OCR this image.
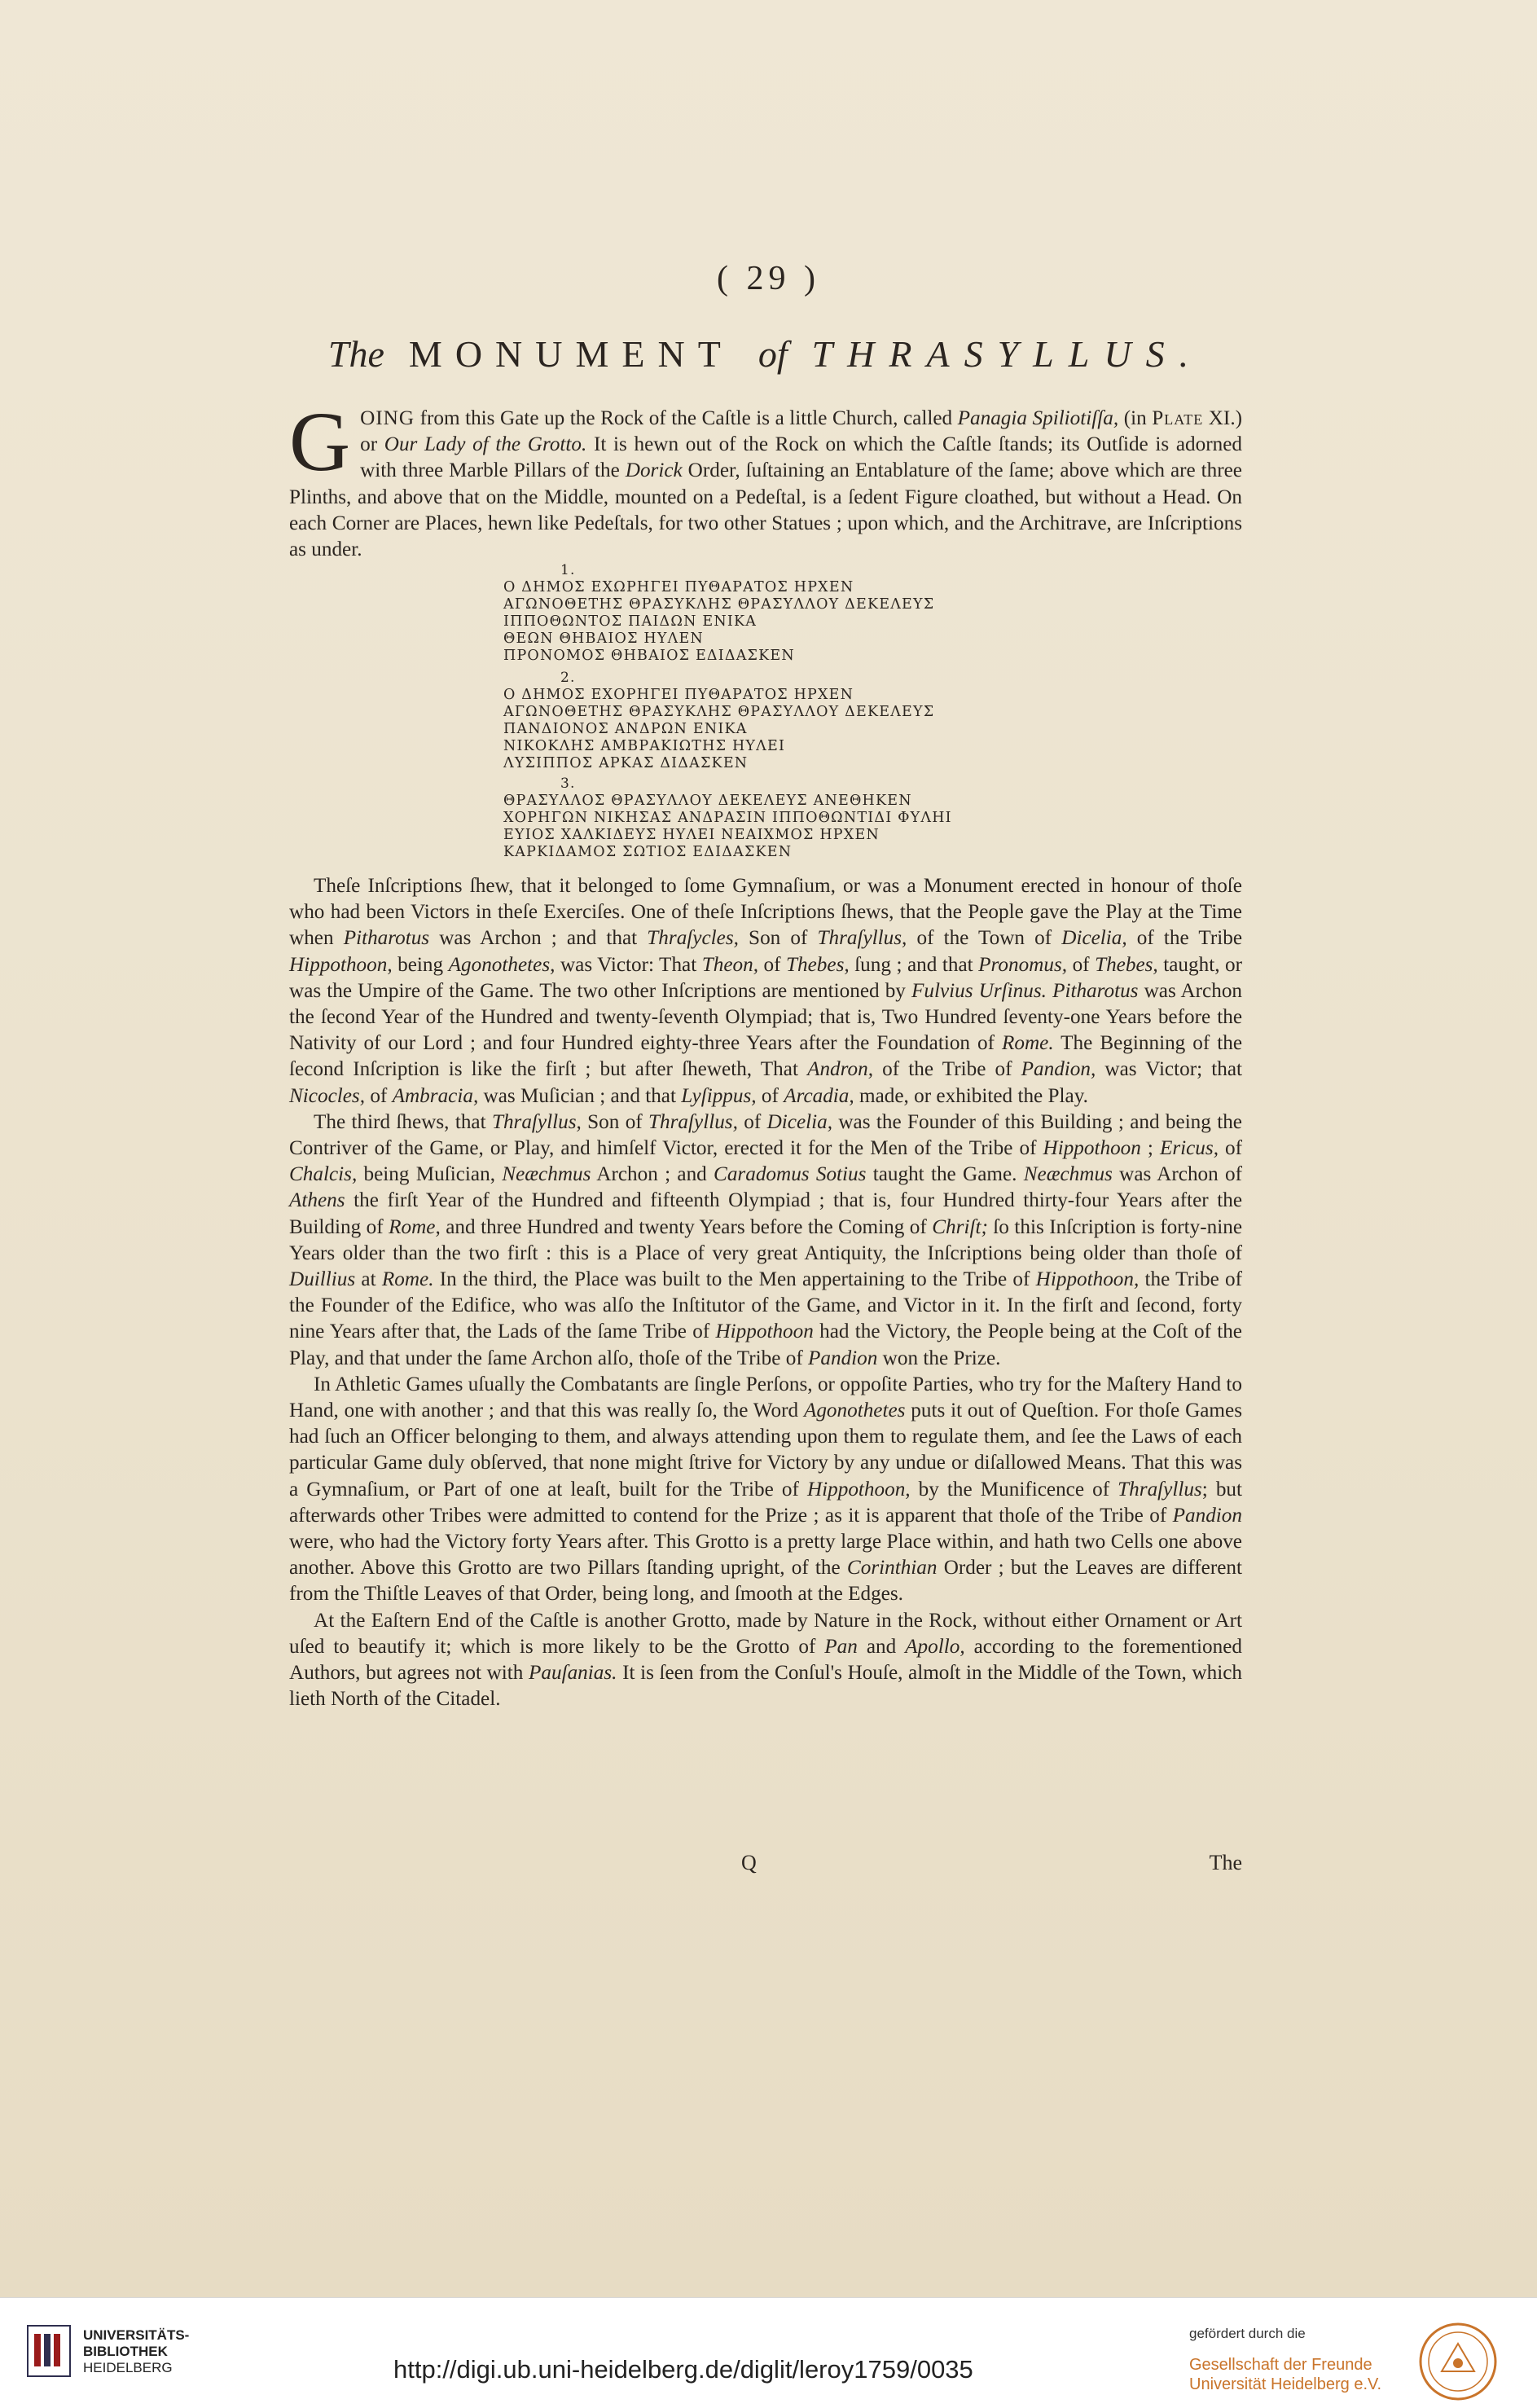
( 29 )
The MONUMENT of THRASYLLUS.
GOING from this Gate up the Rock of the Caſtle is a little Church, called Panagia Spiliotiſſa, (in Plate XI.) or Our Lady of the Grotto. It is hewn out of the Rock on which the Caſtle ſtands; its Outſide is adorned with three Marble Pillars of the Dorick Order, ſuſtaining an Entablature of the ſame; above which are three Plinths, and above that on the Middle, mounted on a Pedeſtal, is a ſedent Figure cloathed, but without a Head. On each Corner are Places, hewn like Pedeſtals, for two other Statues ; upon which, and the Architrave, are Inſcriptions as under.
1.
Ο ΔΗΜΟΣ ΕΧΩΡΗΓΕΙ ΠΥΘΑΡΑΤΟΣ ΗΡΧΕΝ
ΑΓΩΝΟΘΕΤΗΣ ΘΡΑΣΥΚΛΗΣ ΘΡΑΣΥΛΛΟΥ ΔΕΚΕΛΕΥΣ
ΙΠΠΟΘΩΝΤΟΣ ΠΑΙΔΩΝ ΕΝΙΚΑ
ΘΕΩΝ ΘΗΒΑΙΟΣ ΗΥΛΕΝ
ΠΡΟΝΟΜΟΣ ΘΗΒΑΙΟΣ ΕΔΙΔΑΣΚΕΝ
2.
Ο ΔΗΜΟΣ ΕΧΟΡΗΓΕΙ ΠΥΘΑΡΑΤΟΣ ΗΡΧΕΝ
ΑΓΩΝΟΘΕΤΗΣ ΘΡΑΣΥΚΛΗΣ ΘΡΑΣΥΛΛΟΥ ΔΕΚΕΛΕΥΣ
ΠΑΝΔΙΟΝΟΣ ΑΝΔΡΩΝ ΕΝΙΚΑ
ΝΙΚΟΚΛΗΣ ΑΜΒΡΑΚΙΩΤΗΣ ΗΥΛΕΙ
ΛΥΣΙΠΠΟΣ ΑΡΚΑΣ ΔΙΔΑΣΚΕΝ
3.
ΘΡΑΣΥΛΛΟΣ ΘΡΑΣΥΛΛΟΥ ΔΕΚΕΛΕΥΣ ΑΝΕΘΗΚΕΝ
ΧΟΡΗΓΩΝ ΝΙΚΗΣΑΣ ΑΝΔΡΑΣΙΝ ΙΠΠΟΘΩΝΤΙΔΙ ΦΥΛΗΙ
ΕΥΙΟΣ ΧΑΛΚΙΔΕΥΣ ΗΥΛΕΙ ΝΕΑΙΧΜΟΣ ΗΡΧΕΝ
ΚΑΡΚΙΔΑΜΟΣ ΣΩΤΙΟΣ ΕΔΙΔΑΣΚΕΝ

Theſe Inſcriptions ſhew, that it belonged to ſome Gymnaſium, or was a Monument erected in honour of thoſe who had been Victors in theſe Exerciſes. One of theſe Inſcriptions ſhews, that the People gave the Play at the Time when Pitharotus was Archon ; and that Thraſycles, Son of Thraſyllus, of the Town of Dicelia, of the Tribe Hippothoon, being Agonothetes, was Victor: That Theon, of Thebes, ſung ; and that Pronomus, of Thebes, taught, or was the Umpire of the Game. The two other Inſcriptions are mentioned by Fulvius Urſinus. Pitharotus was Archon the ſecond Year of the Hundred and twenty-ſeventh Olympiad; that is, Two Hundred ſeventy-one Years before the Nativity of our Lord ; and four Hundred eighty-three Years after the Foundation of Rome. The Beginning of the ſecond Inſcription is like the firſt ; but after ſheweth, That Andron, of the Tribe of Pandion, was Victor; that Nicocles, of Ambracia, was Muſician ; and that Lyſippus, of Arcadia, made, or exhibited the Play.

The third ſhews, that Thraſyllus, Son of Thraſyllus, of Dicelia, was the Founder of this Building ; and being the Contriver of the Game, or Play, and himſelf Victor, erected it for the Men of the Tribe of Hippothoon ; Ericus, of Chalcis, being Muſician, Neæchmus Archon ; and Caradomus Sotius taught the Game. Neæchmus was Archon of Athens the firſt Year of the Hundred and fifteenth Olympiad ; that is, four Hundred thirty-four Years after the Building of Rome, and three Hundred and twenty Years before the Coming of Chriſt; ſo this Inſcription is forty-nine Years older than the two firſt : this is a Place of very great Antiquity, the Inſcriptions being older than thoſe of Duillius at Rome. In the third, the Place was built to the Men appertaining to the Tribe of Hippothoon, the Tribe of the Founder of the Edifice, who was alſo the Inſtitutor of the Game, and Victor in it. In the firſt and ſecond, forty nine Years after that, the Lads of the ſame Tribe of Hippothoon had the Victory, the People being at the Coſt of the Play, and that under the ſame Archon alſo, thoſe of the Tribe of Pandion won the Prize.

In Athletic Games uſually the Combatants are ſingle Perſons, or oppoſite Parties, who try for the Maſtery Hand to Hand, one with another ; and that this was really ſo, the Word Agonothetes puts it out of Queſtion. For thoſe Games had ſuch an Officer belonging to them, and always attending upon them to regulate them, and ſee the Laws of each particular Game duly obſerved, that none might ſtrive for Victory by any undue or diſallowed Means. That this was a Gymnaſium, or Part of one at leaſt, built for the Tribe of Hippothoon, by the Munificence of Thraſyllus; but afterwards other Tribes were admitted to contend for the Prize ; as it is apparent that thoſe of the Tribe of Pandion were, who had the Victory forty Years after. This Grotto is a pretty large Place within, and hath two Cells one above another. Above this Grotto are two Pillars ſtanding upright, of the Corinthian Order ; but the Leaves are different from the Thiſtle Leaves of that Order, being long, and ſmooth at the Edges.

At the Eaſtern End of the Caſtle is another Grotto, made by Nature in the Rock, without either Ornament or Art uſed to beautify it; which is more likely to be the Grotto of Pan and Apollo, according to the forementioned Authors, but agrees not with Pauſanias. It is ſeen from the Conſul's Houſe, almoſt in the Middle of the Town, which lieth North of the Citadel.

Q	The
UNIVERSITÄTS-
BIBLIOTHEK
HEIDELBERG	http://digi.ub.uni-heidelberg.de/diglit/leroy1759/0035
gefördert durch die
Gesellschaft der Freunde
Universität Heidelberg e.V.
